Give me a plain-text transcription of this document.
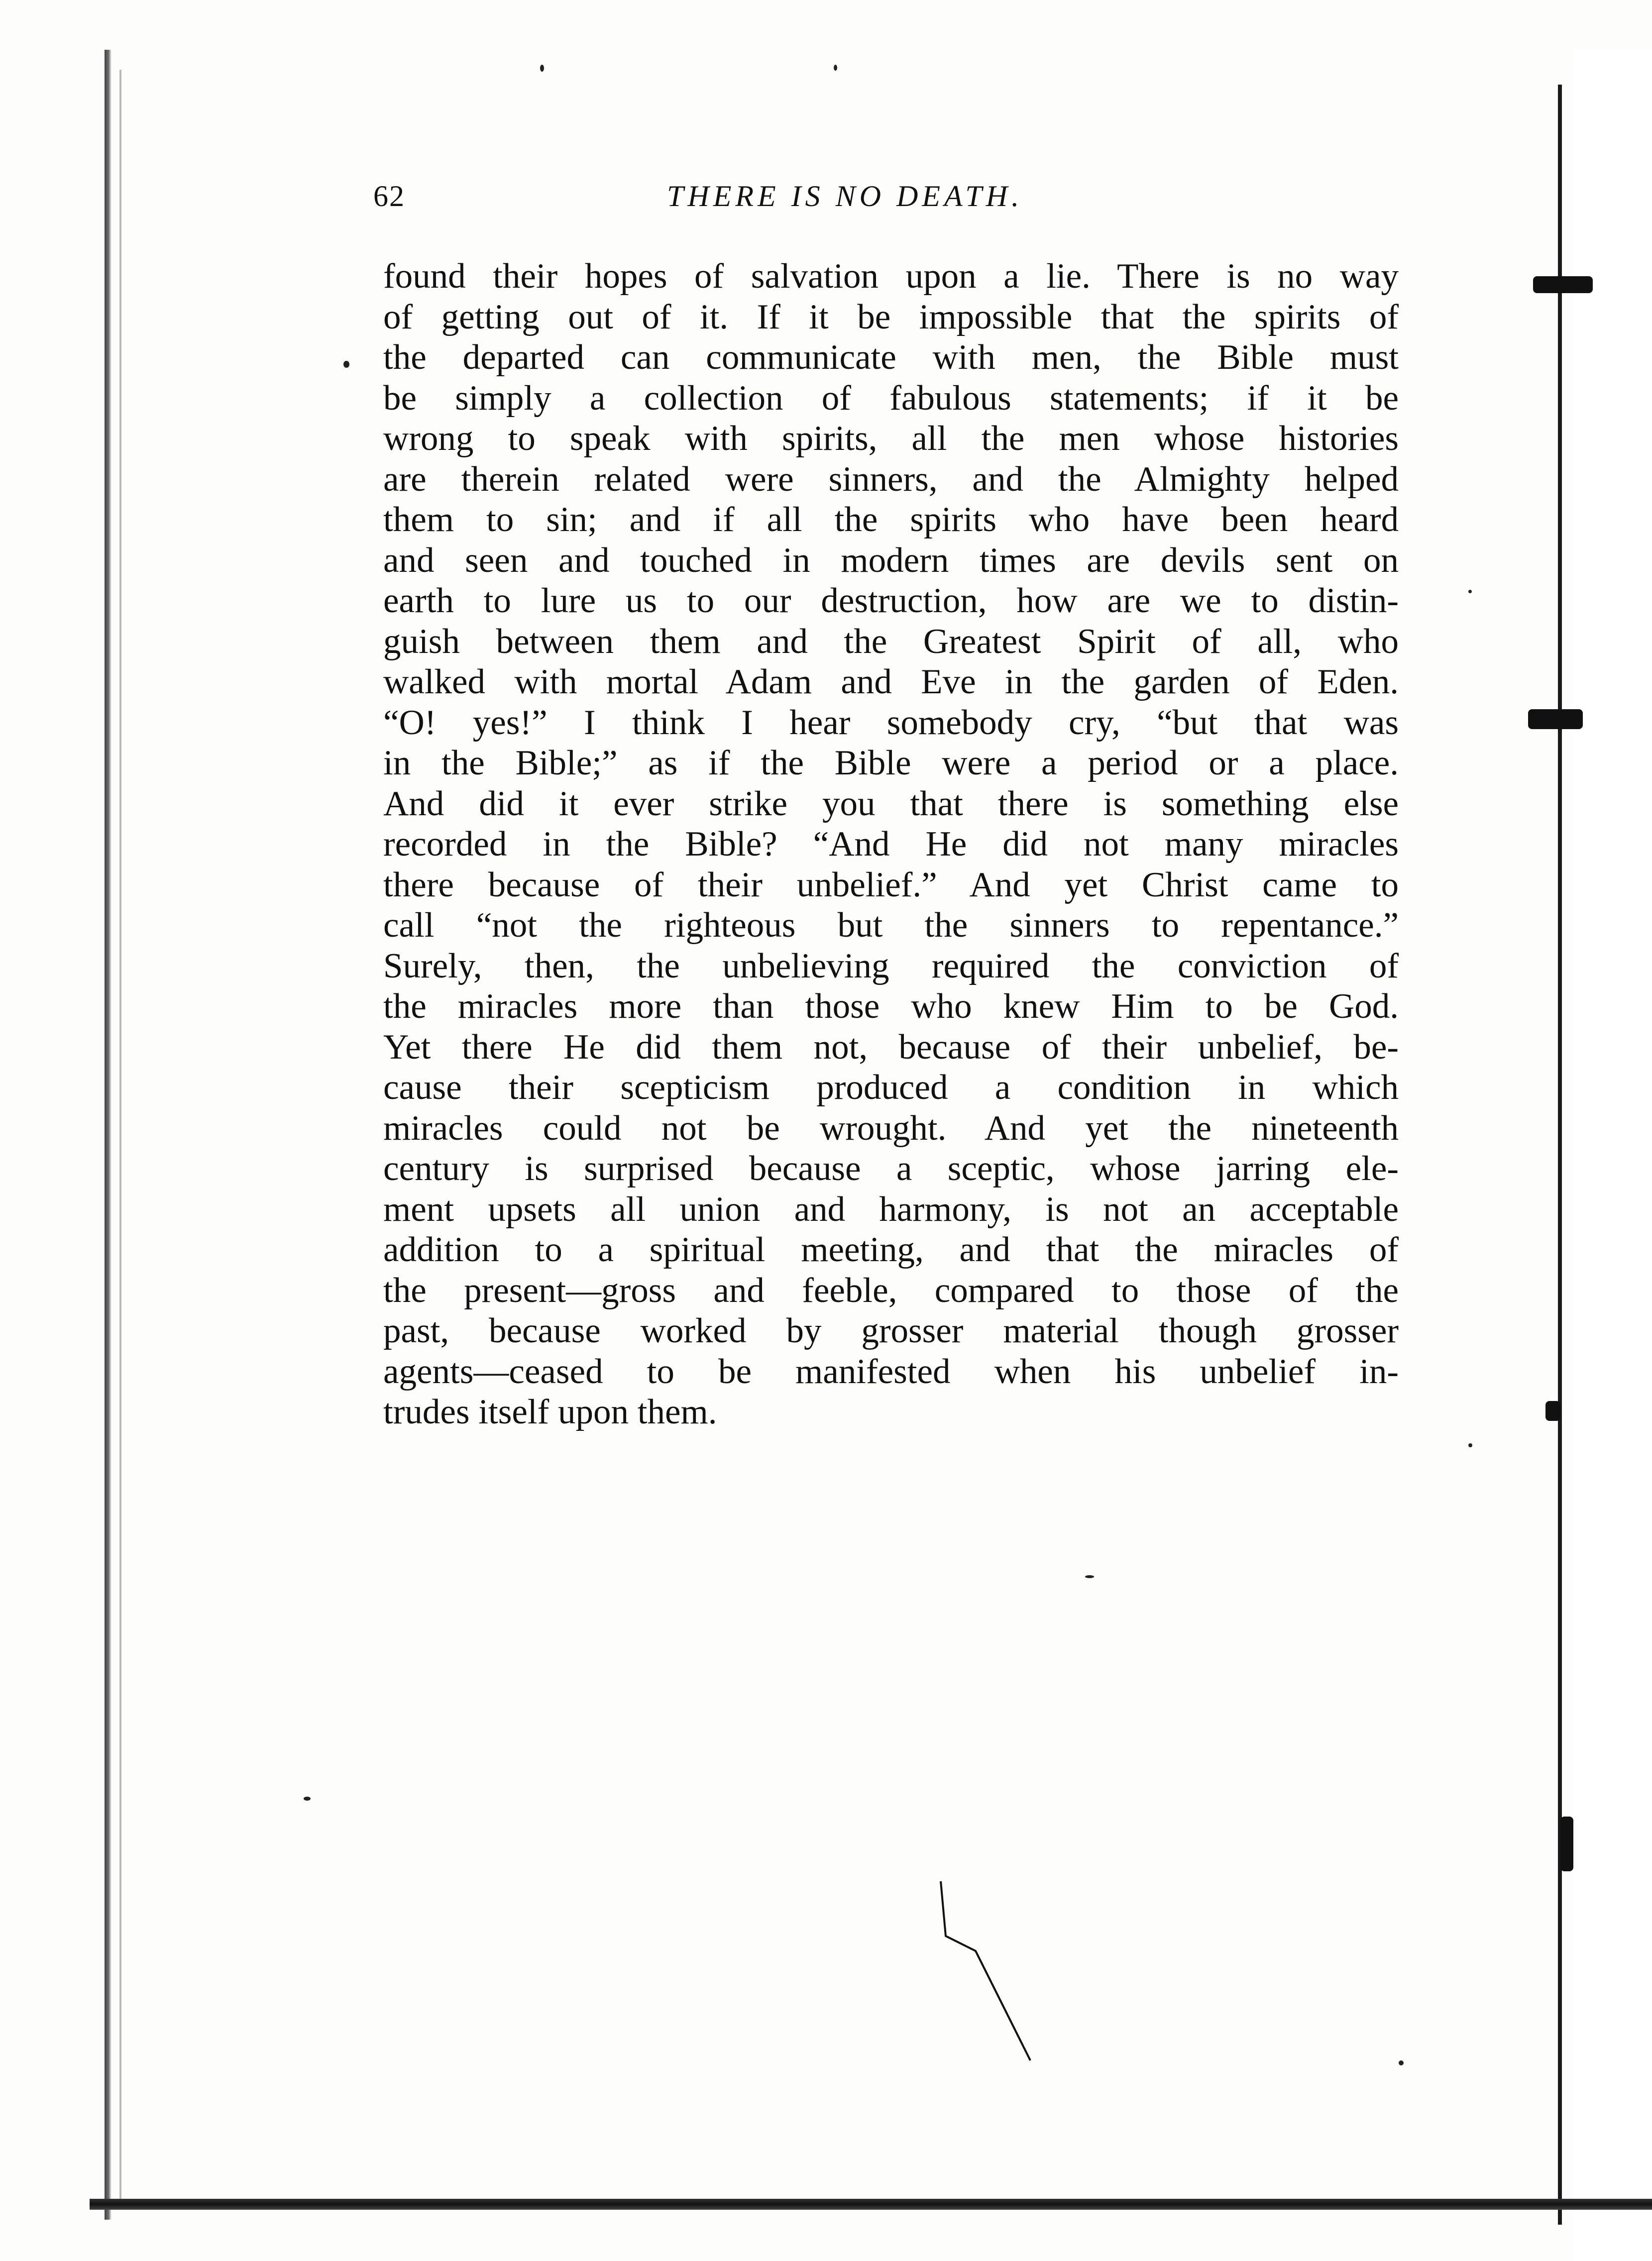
62	THERE IS NO DEATH.
found their hopes of salvation upon a lie. There is no way
of getting out of it. If it be impossible that the spirits of
the departed can communicate with men, the Bible must
be simply a collection of fabulous statements; if it be
wrong to speak with spirits, all the men whose histories
are therein related were sinners, and the Almighty helped
them to sin; and if all the spirits who have been heard
and seen and touched in modern times are devils sent on
earth to lure us to our destruction, how are we to distin-
guish between them and the Greatest Spirit of all, who
walked with mortal Adam and Eve in the garden of Eden.
“O! yes!” I think I hear somebody cry, “but that was
in the Bible;” as if the Bible were a period or a place.
And did it ever strike you that there is something else
recorded in the Bible? “And He did not many miracles
there because of their unbelief.” And yet Christ came to
call “not the righteous but the sinners to repentance.”
Surely, then, the unbelieving required the conviction of
the miracles more than those who knew Him to be God.
Yet there He did them not, because of their unbelief, be-
cause their scepticism produced a condition in which
miracles could not be wrought. And yet the nineteenth
century is surprised because a sceptic, whose jarring ele-
ment upsets all union and harmony, is not an acceptable
addition to a spiritual meeting, and that the miracles of
the present—gross and feeble, compared to those of the
past, because worked by grosser material though grosser
agents—ceased to be manifested when his unbelief in-
trudes itself upon them.
